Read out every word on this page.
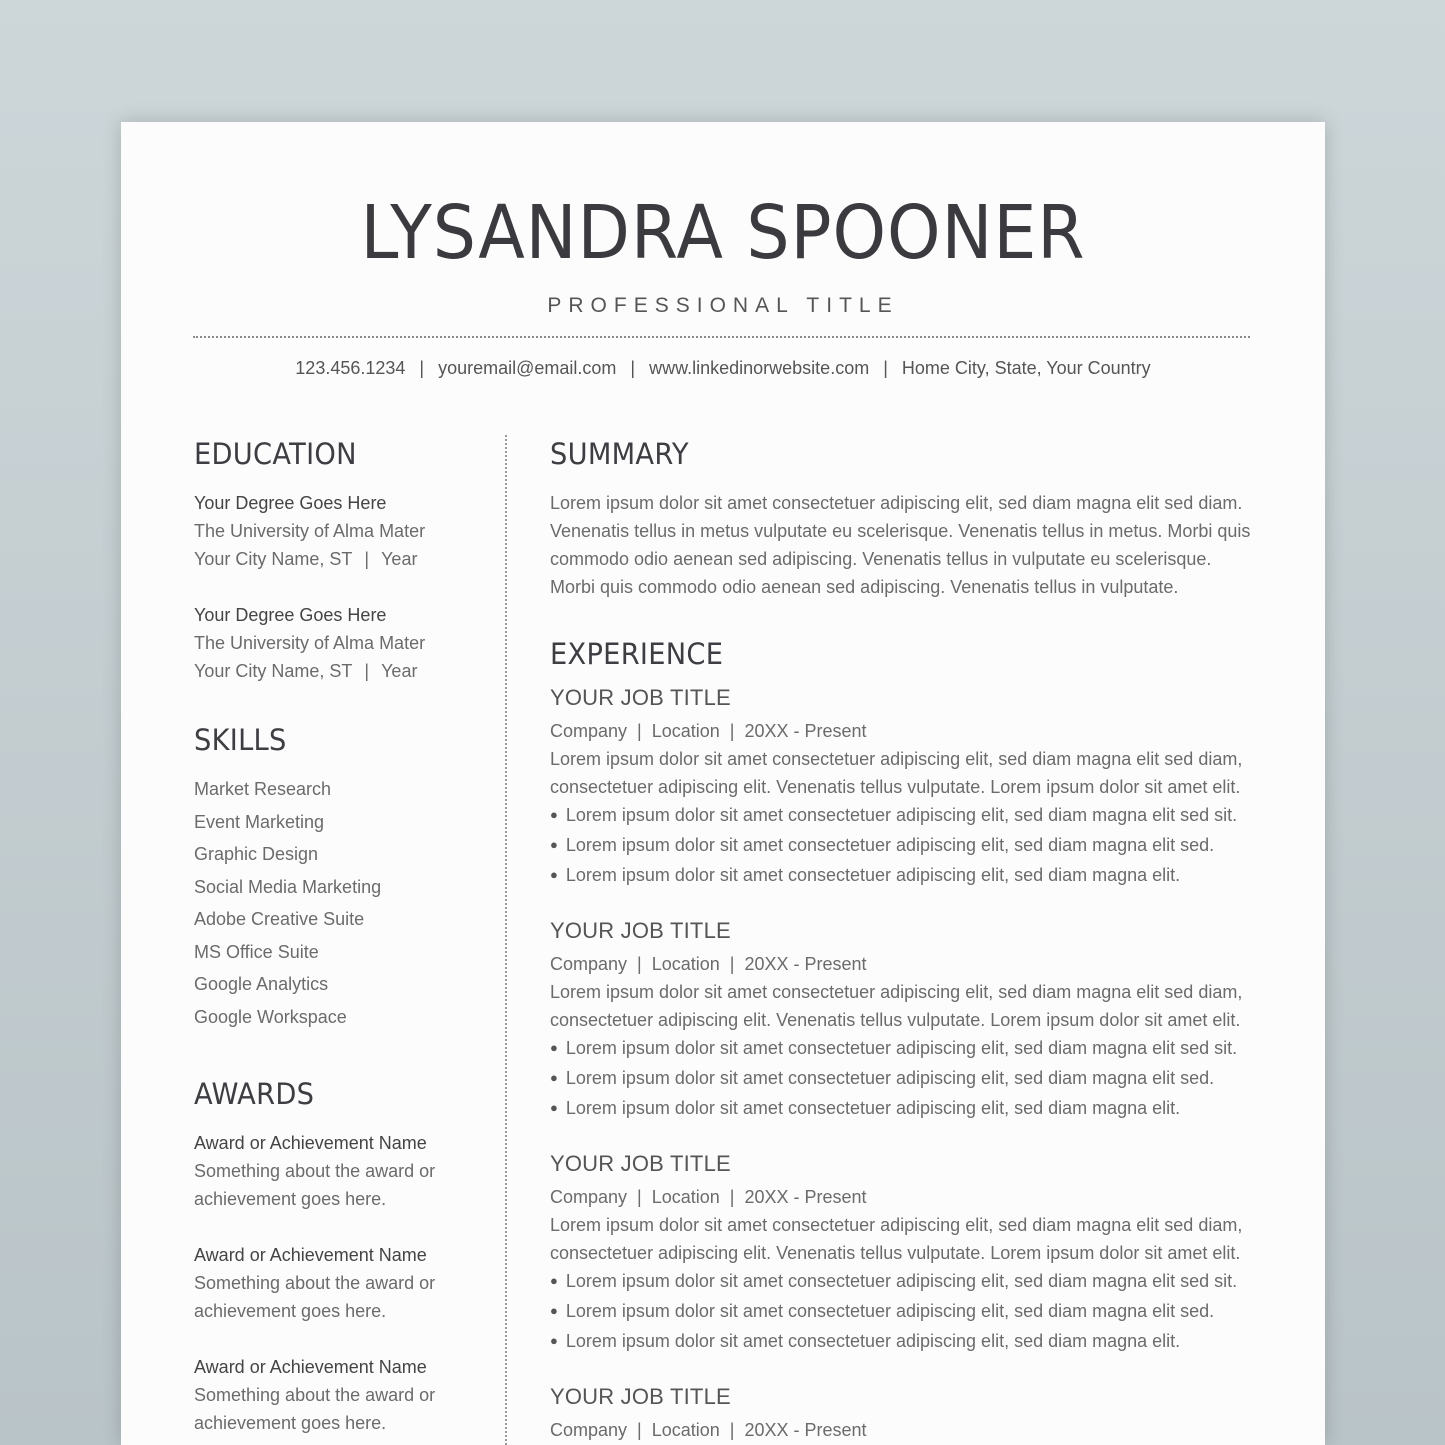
LYSANDRA SPOONER
PROFESSIONAL TITLE
123.456.1234 | youremail@email.com | www.linkedinorwebsite.com | Home City, State, Your Country
EDUCATION
Your Degree Goes Here
The University of Alma Mater
Your City Name, ST | Year
Your Degree Goes Here
The University of Alma Mater
Your City Name, ST | Year
SKILLS
Market Research
Event Marketing
Graphic Design
Social Media Marketing
Adobe Creative Suite
MS Office Suite
Google Analytics
Google Workspace
AWARDS
Award or Achievement Name
Something about the award or
achievement goes here.
Award or Achievement Name
Something about the award or
achievement goes here.
Award or Achievement Name
Something about the award or
achievement goes here.
SUMMARY
Lorem ipsum dolor sit amet consectetuer adipiscing elit, sed diam magna elit sed diam.
Venenatis tellus in metus vulputate eu scelerisque. Venenatis tellus in metus. Morbi quis
commodo odio aenean sed adipiscing. Venenatis tellus in vulputate eu scelerisque.
Morbi quis commodo odio aenean sed adipiscing. Venenatis tellus in vulputate.
EXPERIENCE
YOUR JOB TITLE
Company  |  Location  |  20XX - Present
Lorem ipsum dolor sit amet consectetuer adipiscing elit, sed diam magna elit sed diam,
consectetuer adipiscing elit. Venenatis tellus vulputate. Lorem ipsum dolor sit amet elit.
● Lorem ipsum dolor sit amet consectetuer adipiscing elit, sed diam magna elit sed sit.
● Lorem ipsum dolor sit amet consectetuer adipiscing elit, sed diam magna elit sed.
● Lorem ipsum dolor sit amet consectetuer adipiscing elit, sed diam magna elit.
YOUR JOB TITLE
Company  |  Location  |  20XX - Present
Lorem ipsum dolor sit amet consectetuer adipiscing elit, sed diam magna elit sed diam,
consectetuer adipiscing elit. Venenatis tellus vulputate. Lorem ipsum dolor sit amet elit.
● Lorem ipsum dolor sit amet consectetuer adipiscing elit, sed diam magna elit sed sit.
● Lorem ipsum dolor sit amet consectetuer adipiscing elit, sed diam magna elit sed.
● Lorem ipsum dolor sit amet consectetuer adipiscing elit, sed diam magna elit.
YOUR JOB TITLE
Company  |  Location  |  20XX - Present
Lorem ipsum dolor sit amet consectetuer adipiscing elit, sed diam magna elit sed diam,
consectetuer adipiscing elit. Venenatis tellus vulputate. Lorem ipsum dolor sit amet elit.
● Lorem ipsum dolor sit amet consectetuer adipiscing elit, sed diam magna elit sed sit.
● Lorem ipsum dolor sit amet consectetuer adipiscing elit, sed diam magna elit sed.
● Lorem ipsum dolor sit amet consectetuer adipiscing elit, sed diam magna elit.
YOUR JOB TITLE
Company  |  Location  |  20XX - Present
